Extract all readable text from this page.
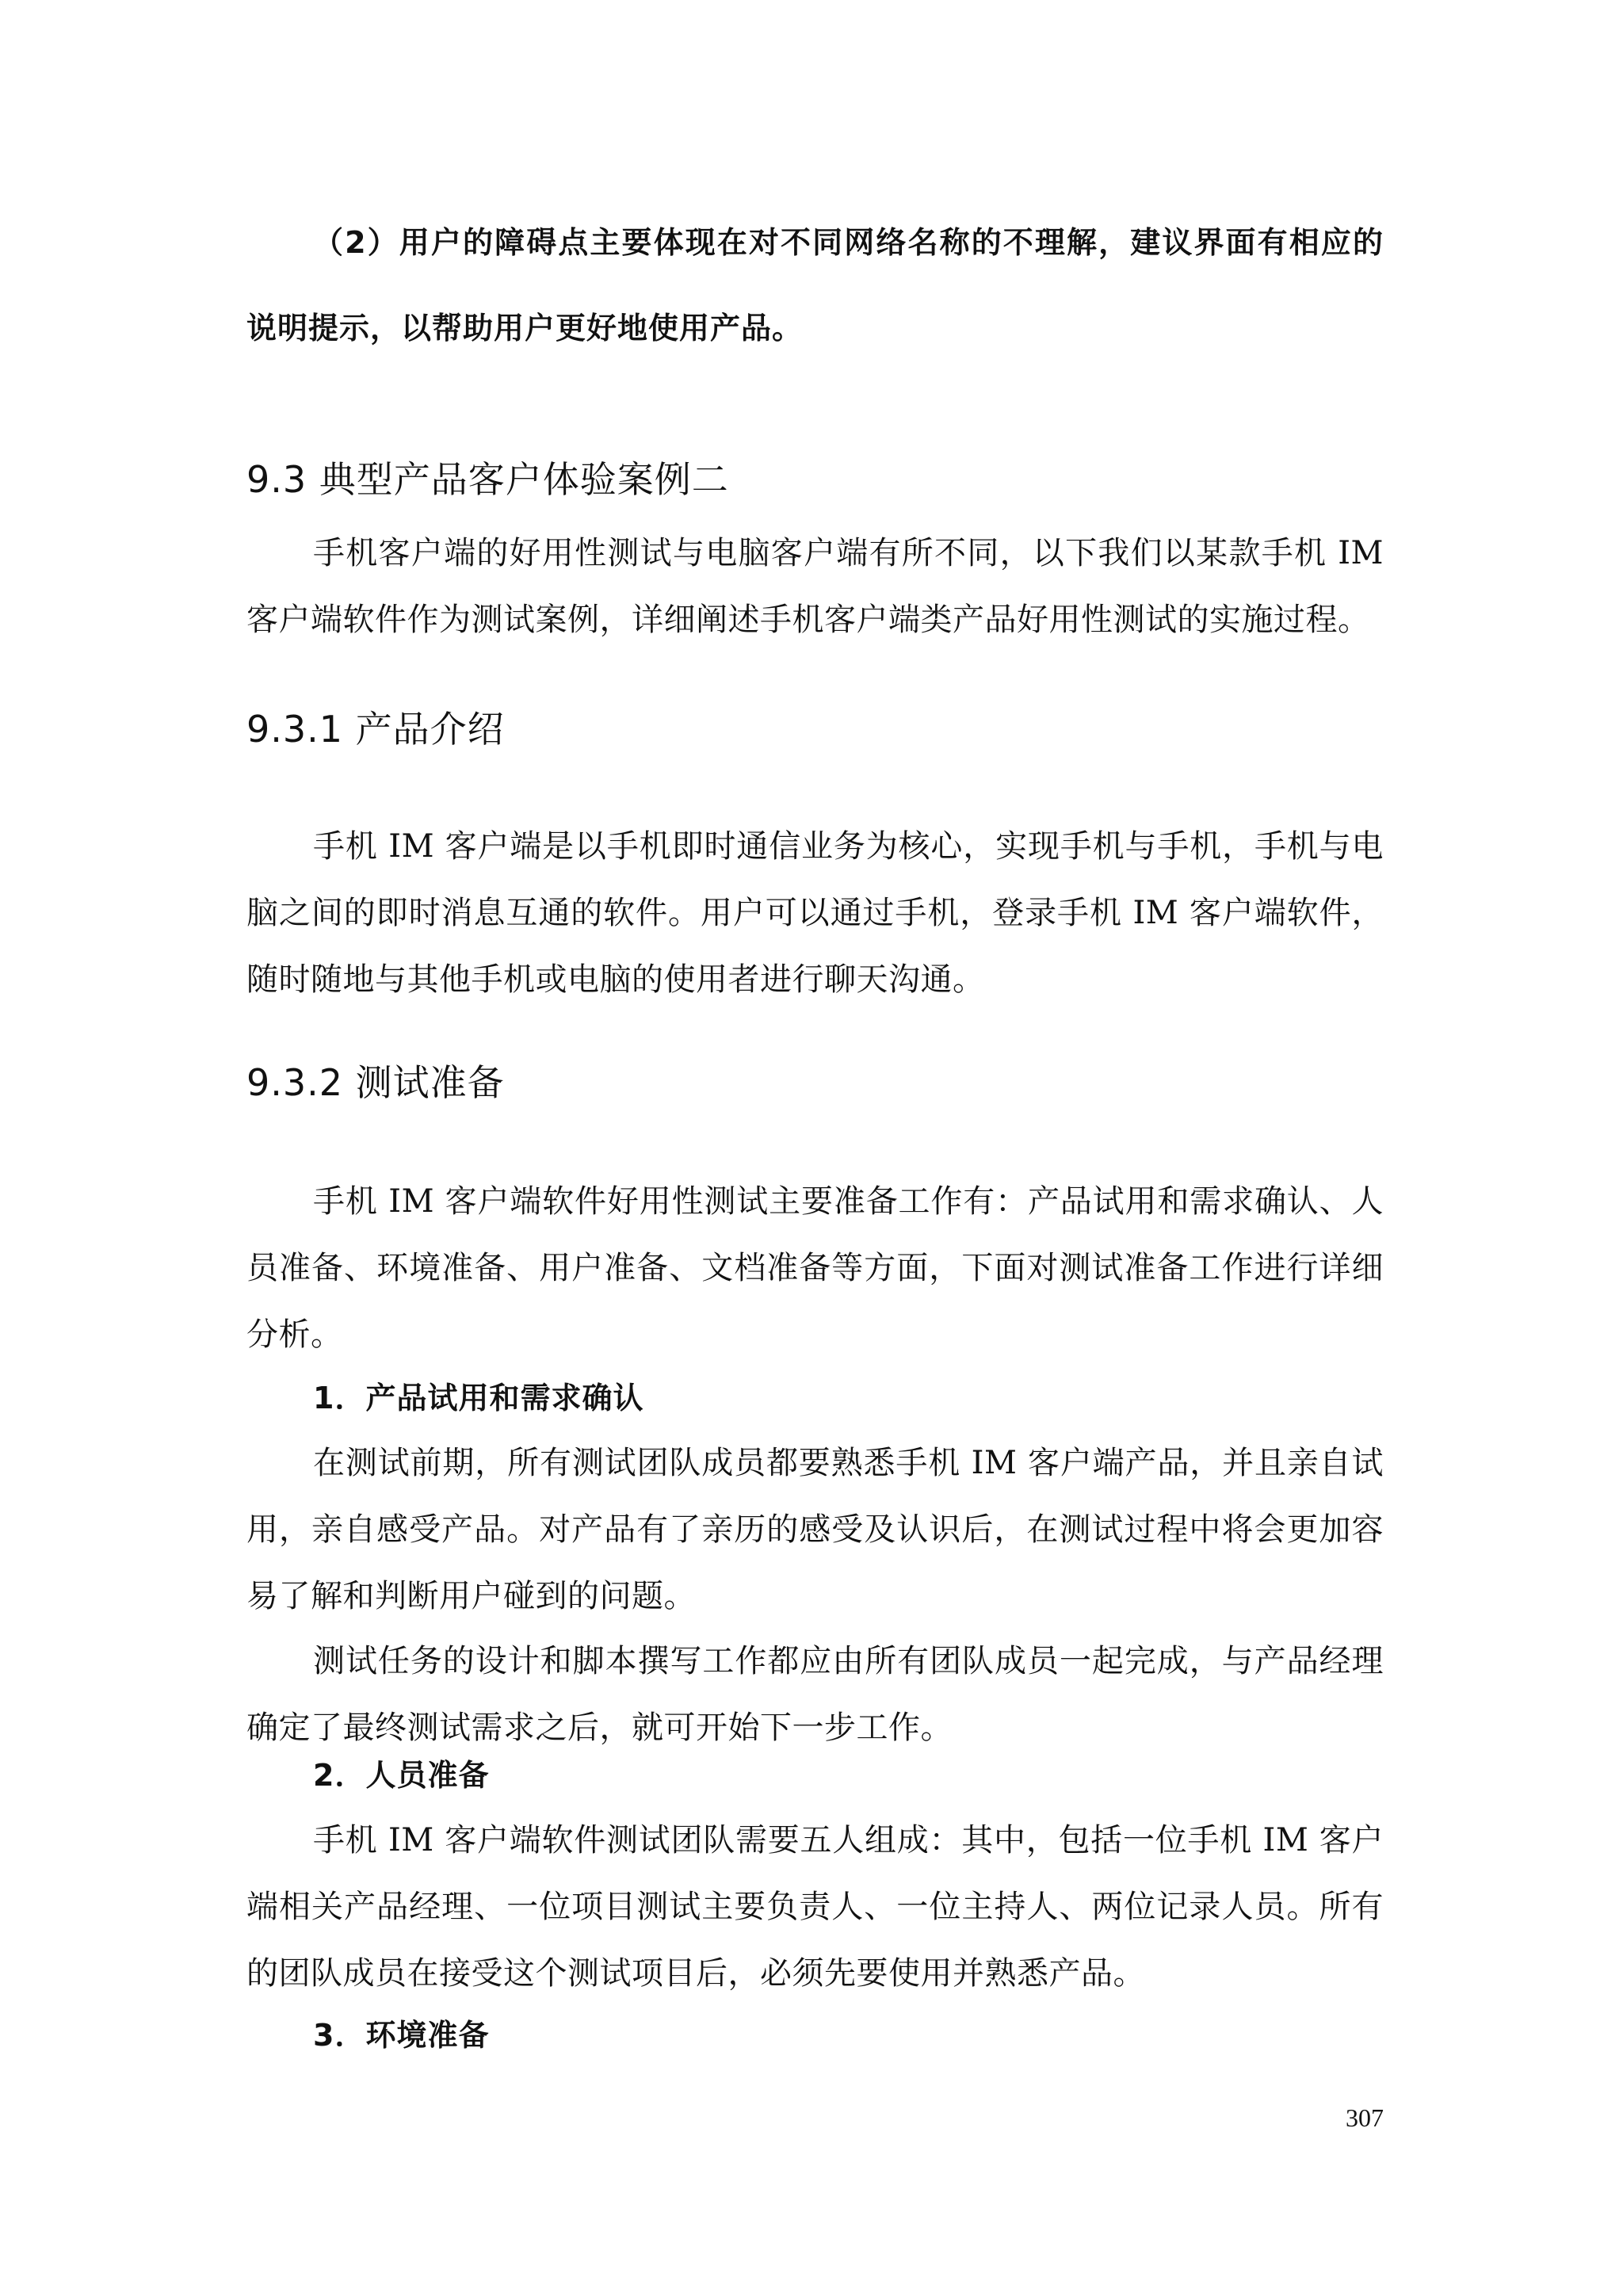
（2）用户的障碍点主要体现在对不同网络名称的不理解，建议界面有相应的说明提示，以帮助用户更好地使用产品。

9.3 典型产品客户体验案例二

手机客户端的好用性测试与电脑客户端有所不同，以下我们以某款手机 IM 客户端软件作为测试案例，详细阐述手机客户端类产品好用性测试的实施过程。

9.3.1 产品介绍

手机 IM 客户端是以手机即时通信业务为核心，实现手机与手机，手机与电脑之间的即时消息互通的软件。用户可以通过手机，登录手机 IM 客户端软件，随时随地与其他手机或电脑的使用者进行聊天沟通。

9.3.2 测试准备

手机 IM 客户端软件好用性测试主要准备工作有：产品试用和需求确认、人员准备、环境准备、用户准备、文档准备等方面，下面对测试准备工作进行详细分析。

1．产品试用和需求确认

在测试前期，所有测试团队成员都要熟悉手机 IM 客户端产品，并且亲自试用，亲自感受产品。对产品有了亲历的感受及认识后，在测试过程中将会更加容易了解和判断用户碰到的问题。

测试任务的设计和脚本撰写工作都应由所有团队成员一起完成，与产品经理确定了最终测试需求之后，就可开始下一步工作。

2．人员准备

手机 IM 客户端软件测试团队需要五人组成：其中，包括一位手机 IM 客户端相关产品经理、一位项目测试主要负责人、一位主持人、两位记录人员。所有的团队成员在接受这个测试项目后，必须先要使用并熟悉产品。

3．环境准备
307
